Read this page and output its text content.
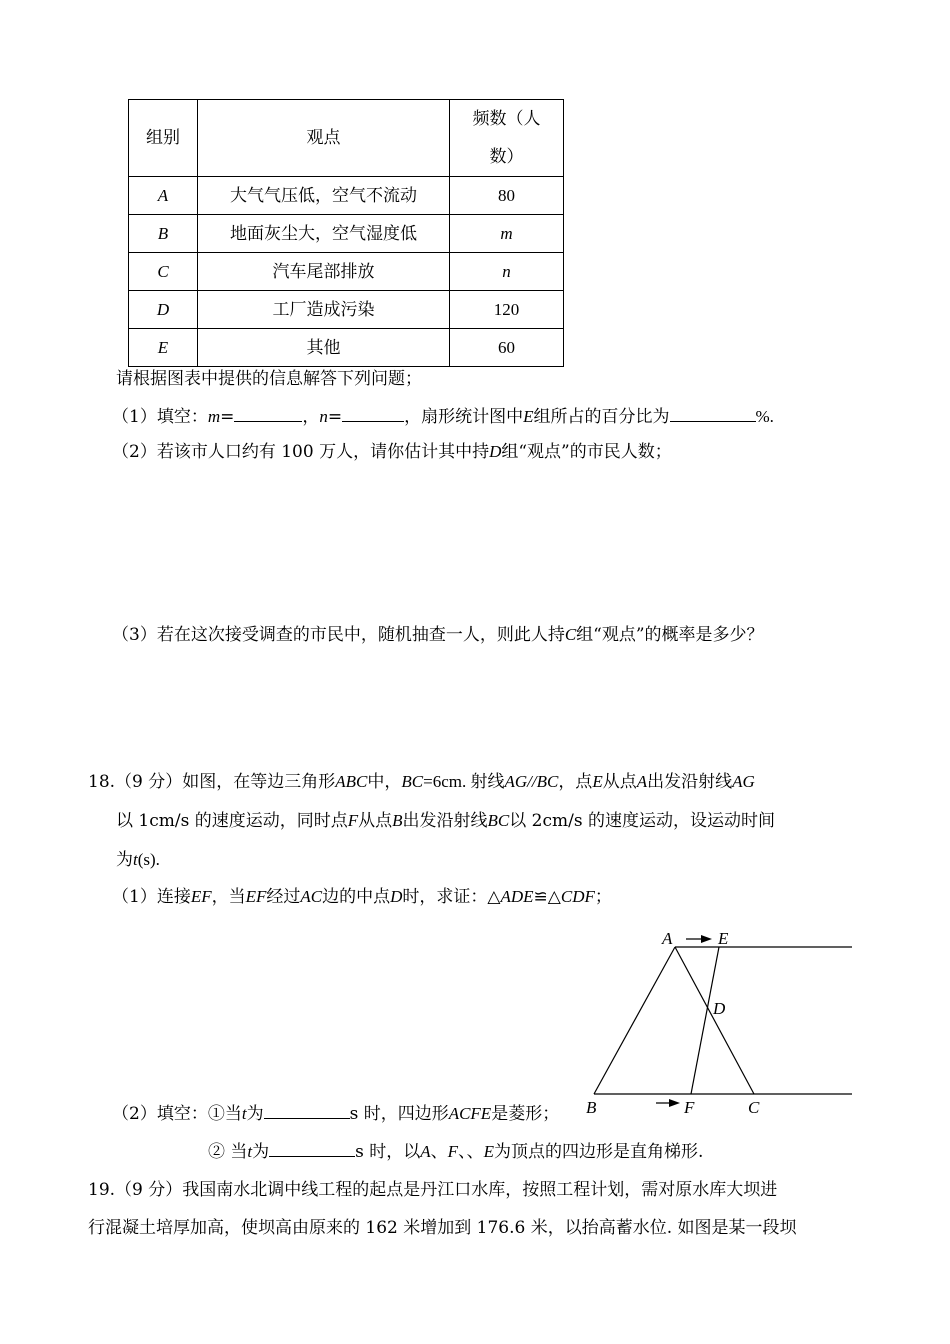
组别	观点	频数（人
数）

A	大气气压低，空气不流动	80
B	地面灰尘大，空气湿度低	m
C	汽车尾部排放	n
D	工厂造成污染	120
E	其他	60
请根据图表中提供的信息解答下列问题；
（1）填空：m=	，n=	，扇形统计图中E组所占的百分比为	%.
（2）若该市人口约有 100 万人，请你估计其中持D组“观点”的市民人数；
（3）若在这次接受调查的市民中，随机抽查一人，则此人持C组“观点”的概率是多少？
18.（9 分）如图，在等边三角形ABC中，BC=6cm. 射线AG//BC，点E从点A出发沿射线AG
以 1cm/s 的速度运动，同时点F从点B出发沿射线BC以 2cm/s 的速度运动，设运动时间
为t(s).
（1）连接EF，当EF经过AC边的中点D时，求证：△ADE≌△CDF；
A	E
D
B	F	C
（2）填空：①当t为	s 时，四边形ACFE是菱形；
② 当t为	s 时，以A、F、、E为顶点的四边形是直角梯形.
19.（9 分）我国南水北调中线工程的起点是丹江口水库，按照工程计划，需对原水库大坝进
行混凝土培厚加高，使坝高由原来的 162 米增加到 176.6 米，以抬高蓄水位. 如图是某一段坝
